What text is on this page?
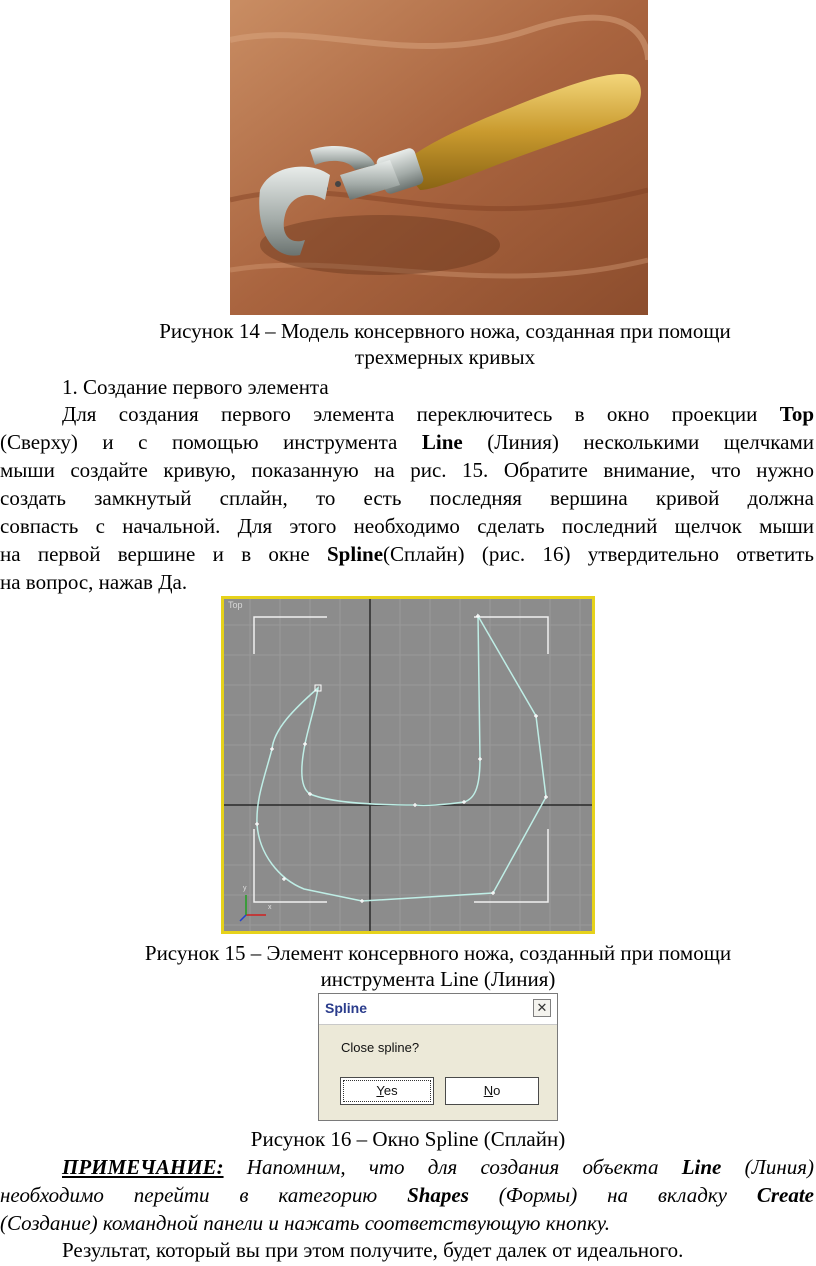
Рисунок 14 – Модель консервного ножа, созданная при помощи
трехмерных кривых
1. Создание первого элемента
Для создания первого элемента переключитесь в окно проекции Top
(Сверху) и с помощью инструмента Line (Линия) несколькими щелчками
мыши создайте кривую, показанную на рис. 15. Обратите внимание, что нужно
создать замкнутый сплайн, то есть последняя вершина кривой должна
совпасть с начальной. Для этого необходимо сделать последний щелчок мыши
на первой вершине и в окне Spline(Сплайн) (рис. 16) утвердительно ответить
на вопрос, нажав Да.
Top
x
y
Рисунок 15 – Элемент консервного ножа, созданный при помощи
инструмента Line (Линия)
Spline	✕
Close spline?
Yes	No
Рисунок 16 – Окно Spline (Сплайн)
ПРИМЕЧАНИЕ: Напомним, что для создания объекта Line (Линия)
необходимо перейти в категорию Shapes (Формы) на вкладку Create
(Создание) командной панели и нажать соответствующую кнопку.
Результат, который вы при этом получите, будет далек от идеального.
